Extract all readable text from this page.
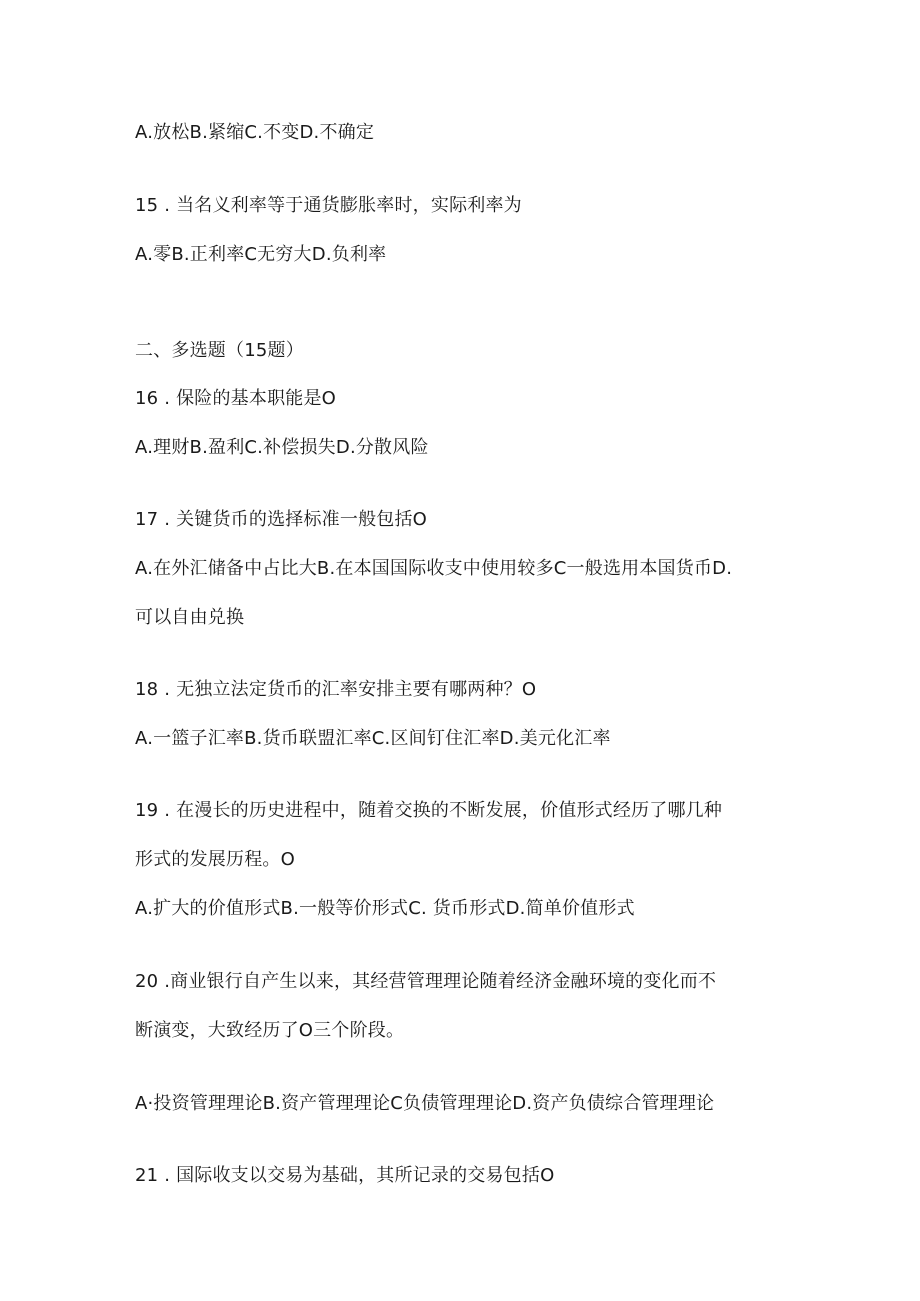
A.放松B.紧缩C.不变D.不确定
15 . 当名义利率等于通货膨胀率时，实际利率为
A.零B.正利率C无穷大D.负利率
二、多选题（15题）
16 . 保险的基本职能是O
A.理财B.盈利C.补偿损失D.分散风险
17 . 关键货币的选择标准一般包括O
A.在外汇储备中占比大B.在本国国际收支中使用较多C一般选用本国货币D.
可以自由兑换
18 . 无独立法定货币的汇率安排主要有哪两种？O
A.一篮子汇率B.货币联盟汇率C.区间钉住汇率D.美元化汇率
19 . 在漫长的历史进程中，随着交换的不断发展，价值形式经历了哪几种
形式的发展历程。O
A.扩大的价值形式B.一般等价形式C. 货币形式D.简单价值形式
20 .商业银行自产生以来，其经营管理理论随着经济金融环境的变化而不
断演变，大致经历了O三个阶段。
A·投资管理理论B.资产管理理论C负债管理理论D.资产负债综合管理理论
21 . 国际收支以交易为基础，其所记录的交易包括O
